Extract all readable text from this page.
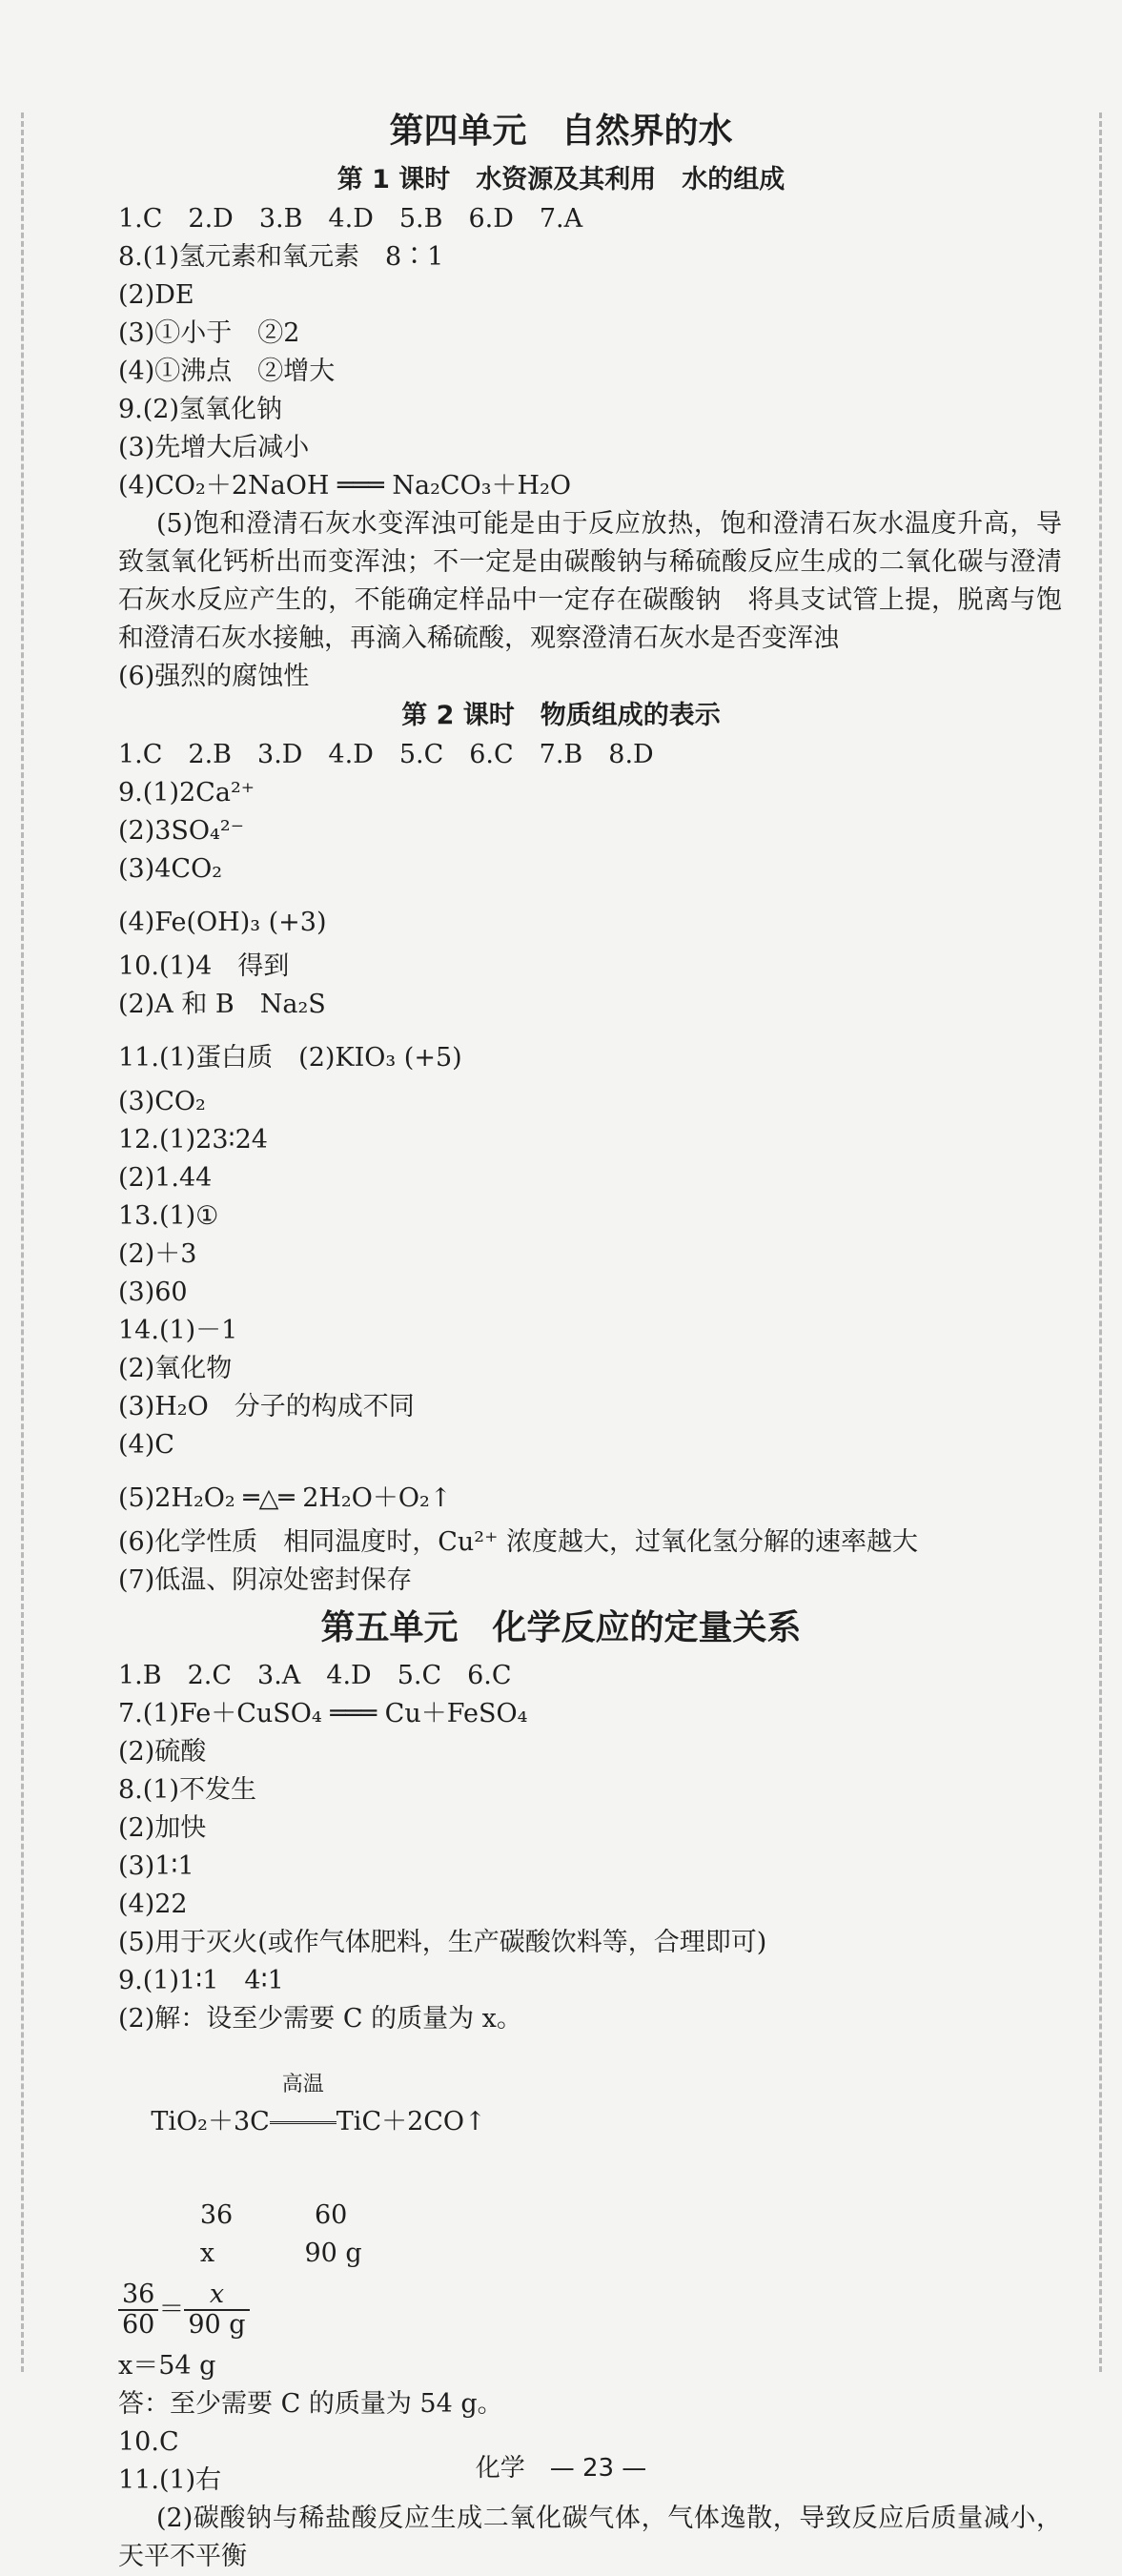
第四单元　自然界的水
第 1 课时　水资源及其利用　水的组成
1.C　2.D　3.B　4.D　5.B　6.D　7.A
8.(1)氢元素和氧元素　8∶1
(2)DE
(3)①小于　②2
(4)①沸点　②增大
9.(2)氢氧化钠
(3)先增大后减小
(4)CO₂＋2NaOH ═══ Na₂CO₃＋H₂O
(5)饱和澄清石灰水变浑浊可能是由于反应放热，饱和澄清石灰水温度升高，导致氢氧化钙析出而变浑浊；不一定是由碳酸钠与稀硫酸反应生成的二氧化碳与澄清石灰水反应产生的，不能确定样品中一定存在碳酸钠　将具支试管上提，脱离与饱和澄清石灰水接触，再滴入稀硫酸，观察澄清石灰水是否变浑浊
(6)强烈的腐蚀性
第 2 课时　物质组成的表示
1.C　2.B　3.D　4.D　5.C　6.C　7.B　8.D
9.(1)2Ca²⁺
(2)3SO₄²⁻
(3)4CO₂
(4)Fe(OH)₃ (+3)
10.(1)4　得到
(2)A 和 B　Na₂S
11.(1)蛋白质　(2)KIO₃ (+5)
(3)CO₂
12.(1)23∶24
(2)1.44
13.(1)①
(2)＋3
(3)60
14.(1)－1
(2)氧化物
(3)H₂O　分子的构成不同
(4)C
(5)2H₂O₂ ═△═ 2H₂O＋O₂↑
(6)化学性质　相同温度时，Cu²⁺ 浓度越大，过氧化氢分解的速率越大
(7)低温、阴凉处密封保存
第五单元　化学反应的定量关系
1.B　2.C　3.A　4.D　5.C　6.C
7.(1)Fe＋CuSO₄ ═══ Cu＋FeSO₄
(2)硫酸
8.(1)不发生
(2)加快
(3)1∶1
(4)22
(5)用于灭火(或作气体肥料，生产碳酸饮料等，合理即可)
9.(1)1∶1　4∶1
(2)解：设至少需要 C 的质量为 x。

TiO₂＋3C
高温
TiC＋2CO↑

36          60
x           90 g
$\frac{36}{60} = \frac{x}{90 g}$
x＝54 g
答：至少需要 C 的质量为 54 g。
10.C
11.(1)右
(2)碳酸钠与稀盐酸反应生成二氧化碳气体，气体逸散，导致反应后质量减小，天平不平衡
化学　— 23 —
